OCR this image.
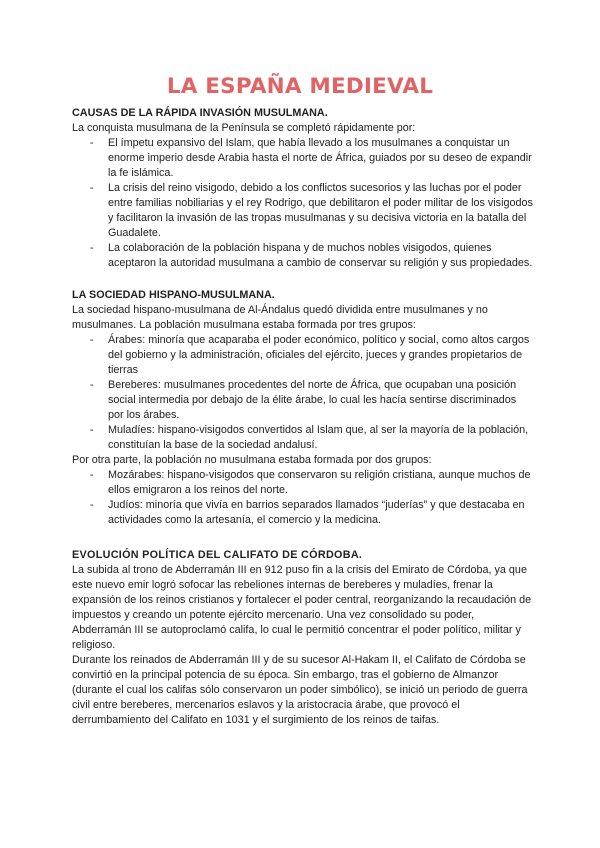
LA ESPAÑA MEDIEVAL
CAUSAS DE LA RÁPIDA INVASIÓN MUSULMANA.

La conquista musulmana de la Península se completó rápidamente por:

- El ímpetu expansivo del Islam, que había llevado a los musulmanes a conquistar un enorme imperio desde Arabia hasta el norte de África, guiados por su deseo de expandir la fe islámica.
- La crisis del reino visigodo, debido a los conflictos sucesorios y las luchas por el poder entre familias nobiliarias y el rey Rodrigo, que debilitaron el poder militar de los visigodos y facilitaron la invasión de las tropas musulmanas y su decisiva victoria en la batalla del Guadalete.
- La colaboración de la población hispana y de muchos nobles visigodos, quienes aceptaron la autoridad musulmana a cambio de conservar su religión y sus propiedades.
LA SOCIEDAD HISPANO-MUSULMANA.

La sociedad hispano-musulmana de Al-Ándalus quedó dividida entre musulmanes y no musulmanes. La población musulmana estaba formada por tres grupos:

- Árabes: minoría que acaparaba el poder económico, político y social, como altos cargos del gobierno y la administración, oficiales del ejército, jueces y grandes propietarios de tierras
- Bereberes: musulmanes procedentes del norte de África, que ocupaban una posición social intermedia por debajo de la élite árabe, lo cual les hacía sentirse discriminados por los árabes.
- Muladíes: hispano-visigodos convertidos al Islam que, al ser la mayoría de la población, constituían la base de la sociedad andalusí.

Por otra parte, la población no musulmana estaba formada por dos grupos:

- Mozárabes: hispano-visigodos que conservaron su religión cristiana, aunque muchos de ellos emigraron a los reinos del norte.
- Judíos: minoría que vivía en barrios separados llamados “juderías” y que destacaba en actividades como la artesanía, el comercio y la medicina.
EVOLUCIÓN POLÍTICA DEL CALIFATO DE CÓRDOBA.

La subida al trono de Abderramán III en 912 puso fin a la crisis del Emirato de Córdoba, ya que este nuevo emir logró sofocar las rebeliones internas de bereberes y muladíes, frenar la expansión de los reinos cristianos y fortalecer el poder central, reorganizando la recaudación de impuestos y creando un potente ejército mercenario. Una vez consolidado su poder, Abderramán III se autoproclamó califa, lo cual le permitió concentrar el poder político, militar y religioso.

Durante los reinados de Abderramán III y de su sucesor Al-Hakam II, el Califato de Córdoba se convirtió en la principal potencia de su época. Sin embargo, tras el gobierno de Almanzor (durante el cual los califas sólo conservaron un poder simbólico), se inició un periodo de guerra civil entre bereberes, mercenarios eslavos y la aristocracia árabe, que provocó el derrumbamiento del Califato en 1031 y el surgimiento de los reinos de taifas.
